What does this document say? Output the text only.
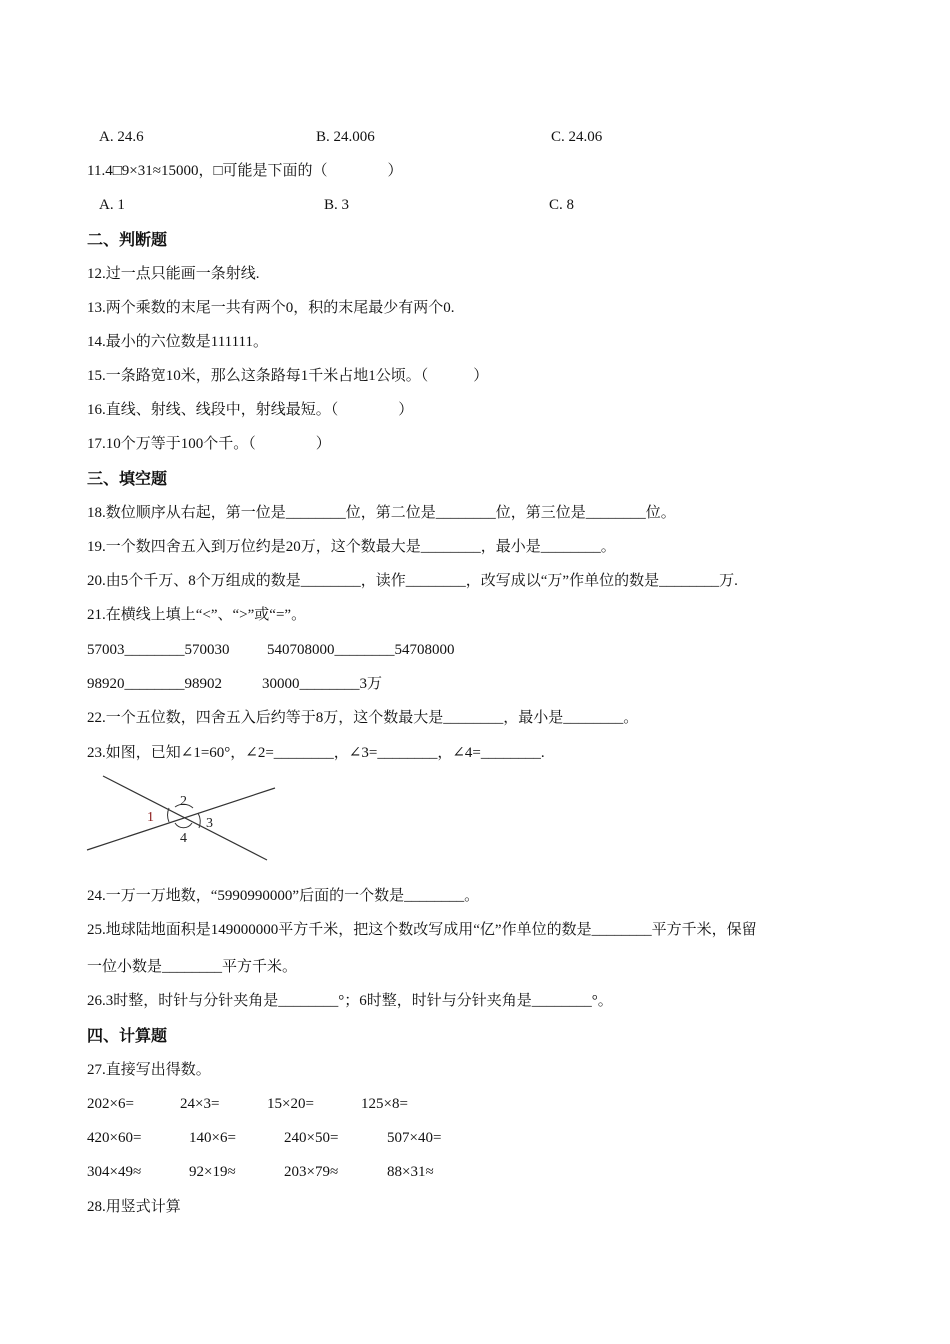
A. 24.6	B. 24.006	C. 24.06
11.4□9×31≈15000，□可能是下面的（　　　　）
A. 1	B. 3	C. 8
二、判断题
12.过一点只能画一条射线.
13.两个乘数的末尾一共有两个0，积的末尾最少有两个0.
14.最小的六位数是111111。
15.一条路宽10米，那么这条路每1千米占地1公顷。（　　　）
16.直线、射线、线段中，射线最短。（　　　　）
17.10个万等于100个千。（　　　　）
三、填空题
18.数位顺序从右起，第一位是________位，第二位是________位，第三位是________位。
19.一个数四舍五入到万位约是20万，这个数最大是________，最小是________。
20.由5个千万、8个万组成的数是________，读作________，改写成以“万”作单位的数是________万.
21.在横线上填上“<”、“>”或“=”。
57003________570030	540708000________54708000
98920________98902	30000________3万
22.一个五位数，四舍五入后约等于8万，这个数最大是________，最小是________。
23.如图，已知∠1=60°，∠2=________，∠3=________，∠4=________.
1
2
3
4
24.一万一万地数，“5990990000”后面的一个数是________。
25.地球陆地面积是149000000平方千米，把这个数改写成用“亿”作单位的数是________平方千米，保留
一位小数是________平方千米。
26.3时整，时针与分针夹角是________°；6时整，时针与分针夹角是________°。
四、计算题
27.直接写出得数。
202×6=	24×3=	15×20=	125×8=
420×60=	140×6=	240×50=	507×40=
304×49≈	92×19≈	203×79≈	88×31≈
28.用竖式计算
